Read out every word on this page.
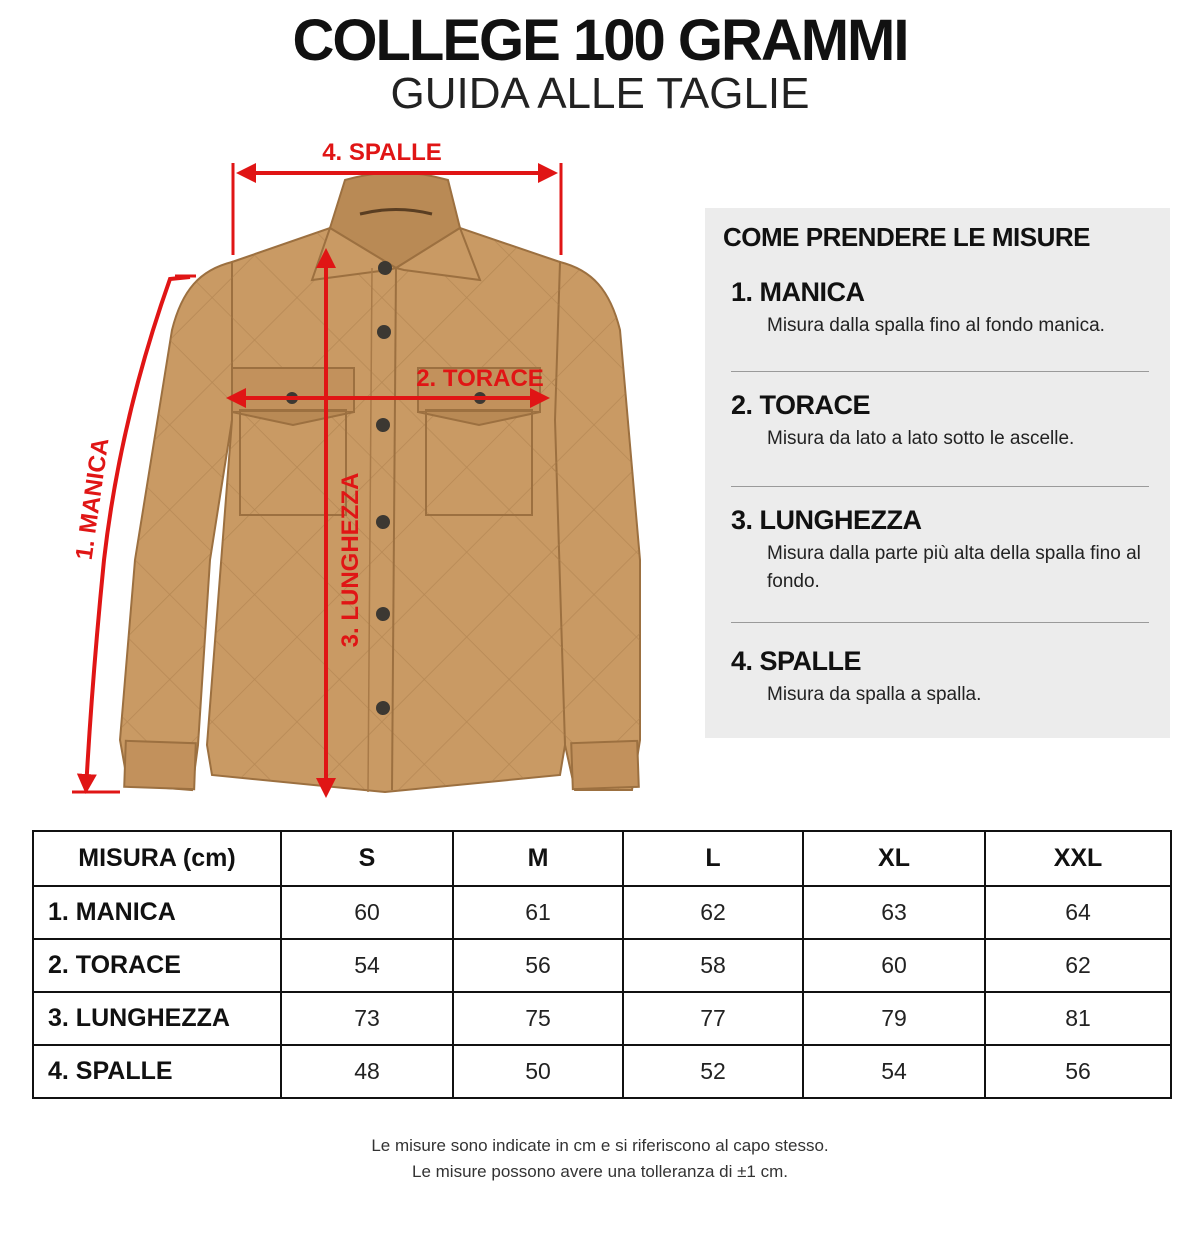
COLLEGE 100 GRAMMI
GUIDA ALLE TAGLIE
4. SPALLE
2. TORACE
3. LUNGHEZZA
1. MANICA
COME PRENDERE LE MISURE
1. MANICA
Misura dalla spalla fino al fondo manica.
2. TORACE
Misura da lato a lato sotto le ascelle.
3. LUNGHEZZA
Misura dalla parte più alta della spalla fino al fondo.
4. SPALLE
Misura da spalla a spalla.
MISURA (cm)	S	M	L	XL	XXL
1. MANICA	60	61	62	63	64
2. TORACE	54	56	58	60	62
3. LUNGHEZZA	73	75	77	79	81
4. SPALLE	48	50	52	54	56
Le misure sono indicate in cm e si riferiscono al capo stesso.
Le misure possono avere una tolleranza di ±1 cm.
